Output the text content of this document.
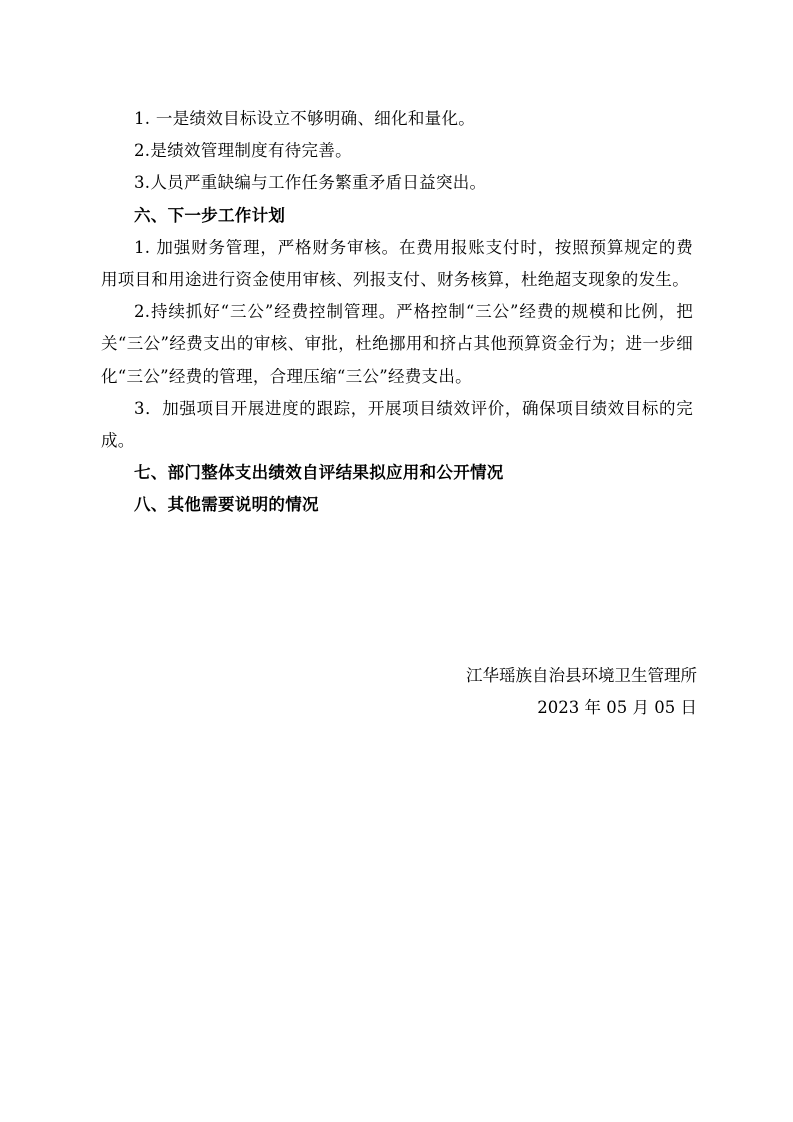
1. 一是绩效目标设立不够明确、细化和量化。

2.是绩效管理制度有待完善。

3.人员严重缺编与工作任务繁重矛盾日益突出。

六、下一步工作计划

1. 加强财务管理，严格财务审核。在费用报账支付时，按照预算规定的费用项目和用途进行资金使用审核、列报支付、财务核算，杜绝超支现象的发生。

2.持续抓好“三公”经费控制管理。严格控制“三公”经费的规模和比例，把关“三公”经费支出的审核、审批，杜绝挪用和挤占其他预算资金行为；进一步细化“三公”经费的管理，合理压缩“三公”经费支出。

3．加强项目开展进度的跟踪，开展项目绩效评价，确保项目绩效目标的完成。

七、部门整体支出绩效自评结果拟应用和公开情况

八、其他需要说明的情况

江华瑶族自治县环境卫生管理所
2023 年 05 月 05 日
